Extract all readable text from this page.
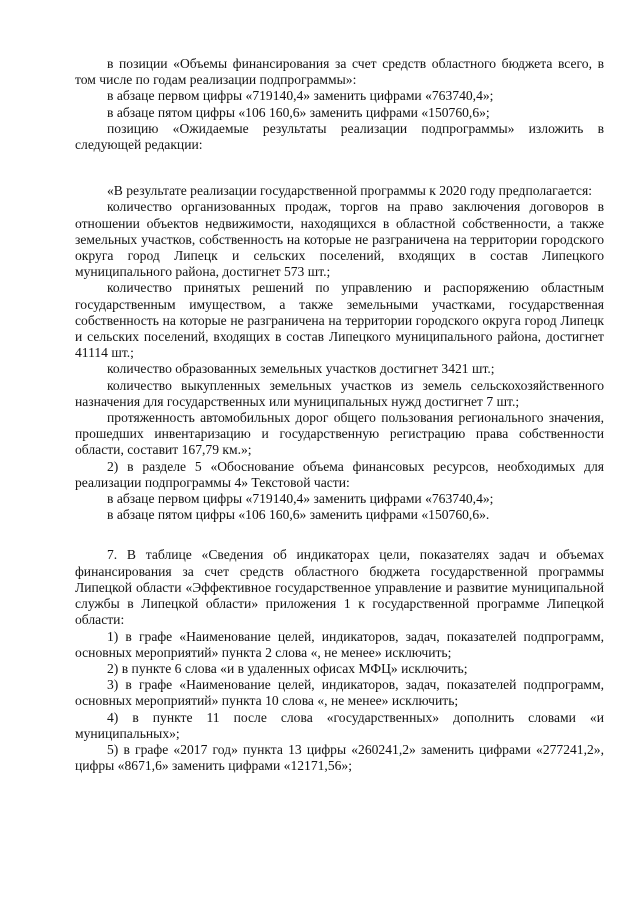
в позиции «Объемы финансирования за счет средств областного бюджета всего, в том числе по годам реализации подпрограммы»:

в абзаце первом цифры «719140,4» заменить цифрами «763740,4»;

в абзаце пятом цифры «106 160,6» заменить цифрами «150760,6»;

позицию «Ожидаемые результаты реализации подпрограммы» изложить в следующей редакции:

«В результате реализации государственной программы к 2020 году предполагается:

количество организованных продаж, торгов на право заключения договоров в отношении объектов недвижимости, находящихся в областной собственности, а также земельных участков, собственность на которые не разграничена на территории городского округа город Липецк и сельских поселений, входящих в состав Липецкого муниципального района, достигнет 573 шт.;

количество принятых решений по управлению и распоряжению областным государственным имуществом, а также земельными участками, государственная собственность на которые не разграничена на территории городского округа город Липецк и сельских поселений, входящих в состав Липецкого муниципального района, достигнет 41114 шт.;

количество образованных земельных участков достигнет 3421 шт.;

количество выкупленных земельных участков из земель сельскохозяйственного назначения для государственных или муниципальных нужд достигнет 7 шт.;

протяженность автомобильных дорог общего пользования регионального значения, прошедших инвентаризацию и государственную регистрацию права собственности области, составит 167,79 км.»;

2) в разделе 5 «Обоснование объема финансовых ресурсов, необходимых для реализации подпрограммы 4» Текстовой части:

в абзаце первом цифры «719140,4» заменить цифрами «763740,4»;

в абзаце пятом цифры «106 160,6» заменить цифрами «150760,6».

7. В таблице «Сведения об индикаторах цели, показателях задач и объемах финансирования за счет средств областного бюджета государственной программы Липецкой области «Эффективное государственное управление и развитие муниципальной службы в Липецкой области» приложения 1 к государственной программе Липецкой области:

1) в графе «Наименование целей, индикаторов, задач, показателей подпрограмм, основных мероприятий» пункта 2 слова «, не менее» исключить;

2) в пункте 6 слова «и в удаленных офисах МФЦ» исключить;

3) в графе «Наименование целей, индикаторов, задач, показателей подпрограмм, основных мероприятий» пункта 10 слова «, не менее» исключить;

4) в пункте 11 после слова «государственных» дополнить словами «и муниципальных»;

5) в графе «2017 год» пункта 13 цифры «260241,2» заменить цифрами «277241,2», цифры «8671,6» заменить цифрами «12171,56»;
